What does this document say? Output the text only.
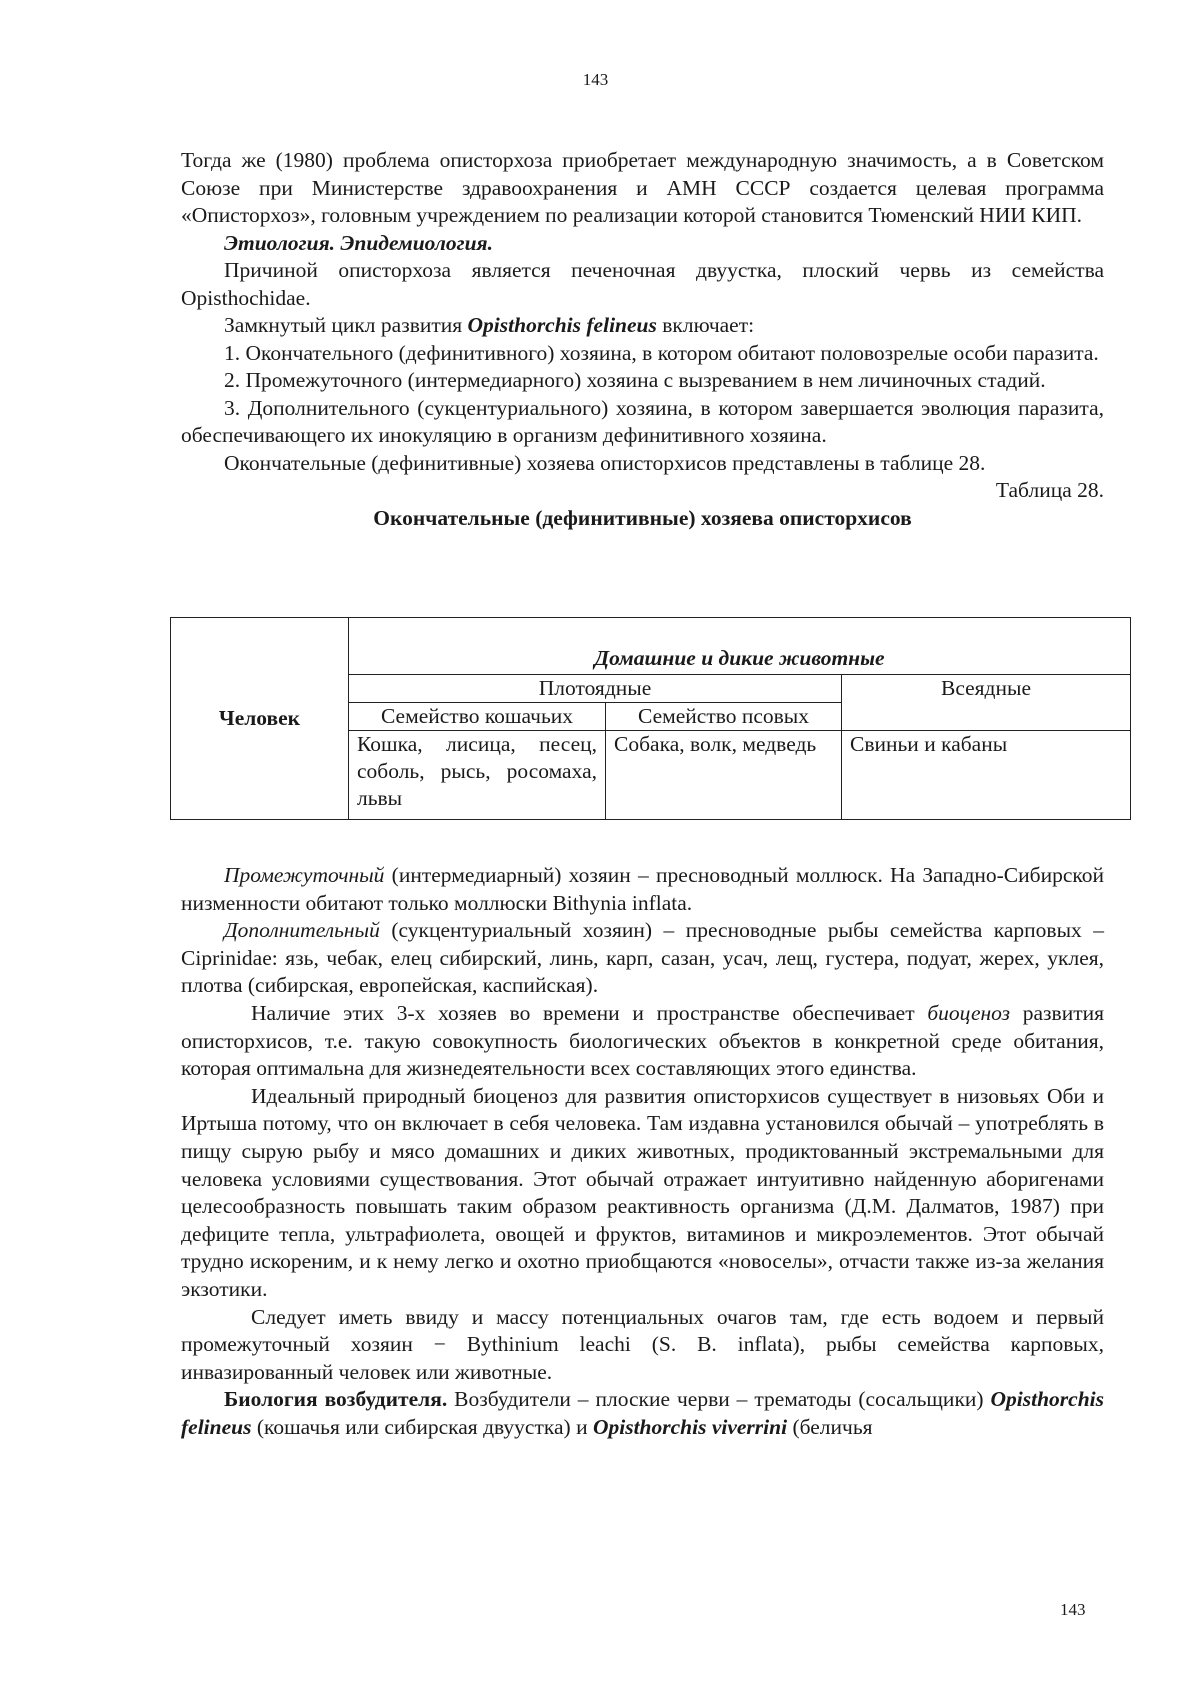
143

Тогда же (1980) проблема описторхоза приобретает международную значимость, а в Советском Союзе при Министерстве здравоохранения и АМН СССР создается целевая программа «Описторхоз», головным учреждением по реализации которой становится Тюменский НИИ КИП.

Этиология. Эпидемиология.

Причиной описторхоза является печеночная двуустка, плоский червь из семейства Opisthochidae.

Замкнутый цикл развития Opisthorchis felineus включает:

1. Окончательного (дефинитивного) хозяина, в котором обитают половозрелые особи паразита.

2. Промежуточного (интермедиарного) хозяина с вызреванием в нем личиночных стадий.

3. Дополнительного (сукцентуриального) хозяина, в котором завершается эволюция паразита, обеспечивающего их инокуляцию в организм дефинитивного хозяина.

Окончательные (дефинитивные) хозяева описторхисов представлены в таблице 28.

Таблица 28.

Окончательные (дефинитивные) хозяева описторхисов

Человек	Домашние и дикие животные		
	Плотоядные		Всеядные
	Семейство кошачьих	Семейство псовых	
	Кошка, лисица, песец, соболь, рысь, росомаха, львы	Собака, волк, медведь	Свиньи и кабаны

Промежуточный (интермедиарный) хозяин – пресноводный моллюск. На Западно-Сибирской низменности обитают только моллюски Bithynia inflata.

Дополнительный (сукцентуриальный хозяин) – пресноводные рыбы семейства карповых – Ciprinidae: язь, чебак, елец сибирский, линь, карп, сазан, усач, лещ, густера, подуат, жерех, уклея, плотва (сибирская, европейская, каспийская).

Наличие этих 3-х хозяев во времени и пространстве обеспечивает биоценоз развития описторхисов, т.е. такую совокупность биологических объектов в конкретной среде обитания, которая оптимальна для жизнедеятельности всех составляющих этого единства.

Идеальный природный биоценоз для развития описторхисов существует в низовьях Оби и Иртыша потому, что он включает в себя человека. Там издавна установился обычай – употреблять в пищу сырую рыбу и мясо домашних и диких животных, продиктованный экстремальными для человека условиями существования. Этот обычай отражает интуитивно найденную аборигенами целесообразность повышать таким образом реактивность организма (Д.М. Далматов, 1987) при дефиците тепла, ультрафиолета, овощей и фруктов, витаминов и микроэлементов. Этот обычай трудно искореним, и к нему легко и охотно приобщаются «новоселы», отчасти также из-за желания экзотики.

Следует иметь ввиду и массу потенциальных очагов там, где есть водоем и первый промежуточный хозяин − Bythinium leachi (S. B. inflata), рыбы семейства карповых, инвазированный человек или животные.

Биология возбудителя. Возбудители – плоские черви – трематоды (сосальщики) Opisthorchis felineus (кошачья или сибирская двуустка) и Opisthorchis viverrini (беличья

143
